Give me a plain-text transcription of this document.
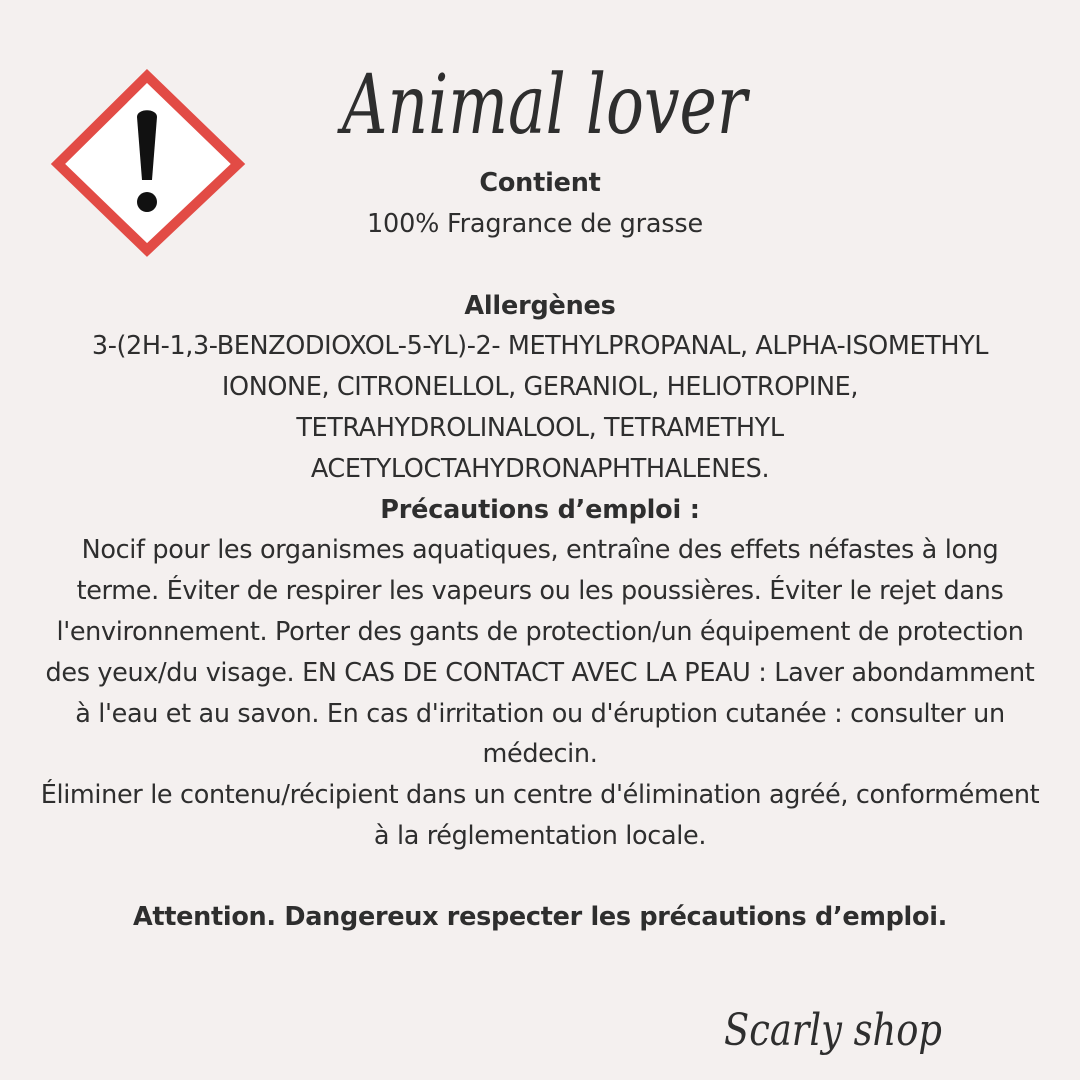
Animal lover

Contient

100% Fragrance de grasse

Allergènes

3-(2H-1,3-BENZODIOXOL-5-YL)-2- METHYLPROPANAL, ALPHA-ISOMETHYL IONONE, CITRONELLOL, GERANIOL, HELIOTROPINE, TETRAHYDROLINALOOL, TETRAMETHYL ACETYLOCTAHYDRONAPHTHALENES.

Précautions d’emploi :

Nocif pour les organismes aquatiques, entraîne des effets néfastes à long terme. Éviter de respirer les vapeurs ou les poussières. Éviter le rejet dans l'environnement. Porter des gants de protection/un équipement de protection des yeux/du visage. EN CAS DE CONTACT AVEC LA PEAU : Laver abondamment à l'eau et au savon. En cas d'irritation ou d'éruption cutanée : consulter un médecin.

Éliminer le contenu/récipient dans un centre d'élimination agréé, conformément à la réglementation locale.

Attention. Dangereux respecter les précautions d’emploi.

Scarly shop
